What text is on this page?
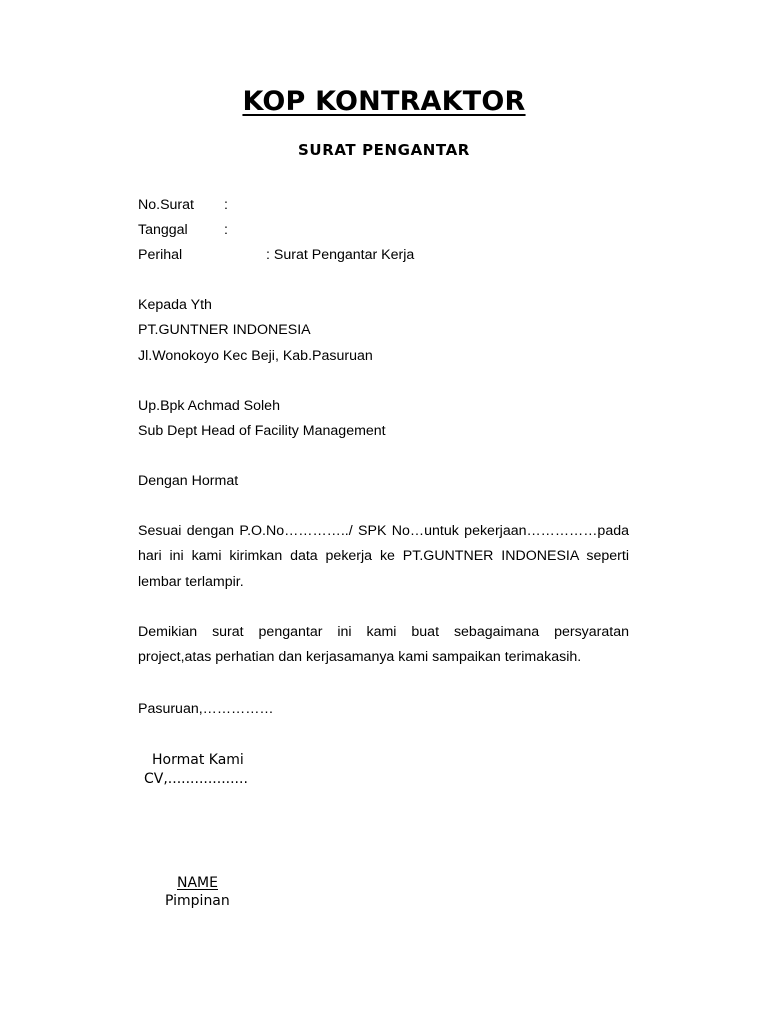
KOP KONTRAKTOR
SURAT PENGANTAR
No.Surat :
Tanggal	:
Perihal	: Surat Pengantar Kerja
Kepada Yth
PT.GUNTNER INDONESIA
Jl.Wonokoyo Kec Beji, Kab.Pasuruan
Up.Bpk Achmad Soleh
Sub Dept Head of Facility Management
Dengan Hormat
Sesuai dengan P.O.No…………../ SPK No…untuk pekerjaan……………pada hari ini kami kirimkan data pekerja ke PT.GUNTNER INDONESIA seperti lembar terlampir.
Demikian surat pengantar ini kami buat sebagaimana persyaratan project,atas perhatian dan kerjasamanya kami sampaikan terimakasih.
Pasuruan,……………
Hormat Kami
CV,..................
NAME
Pimpinan
